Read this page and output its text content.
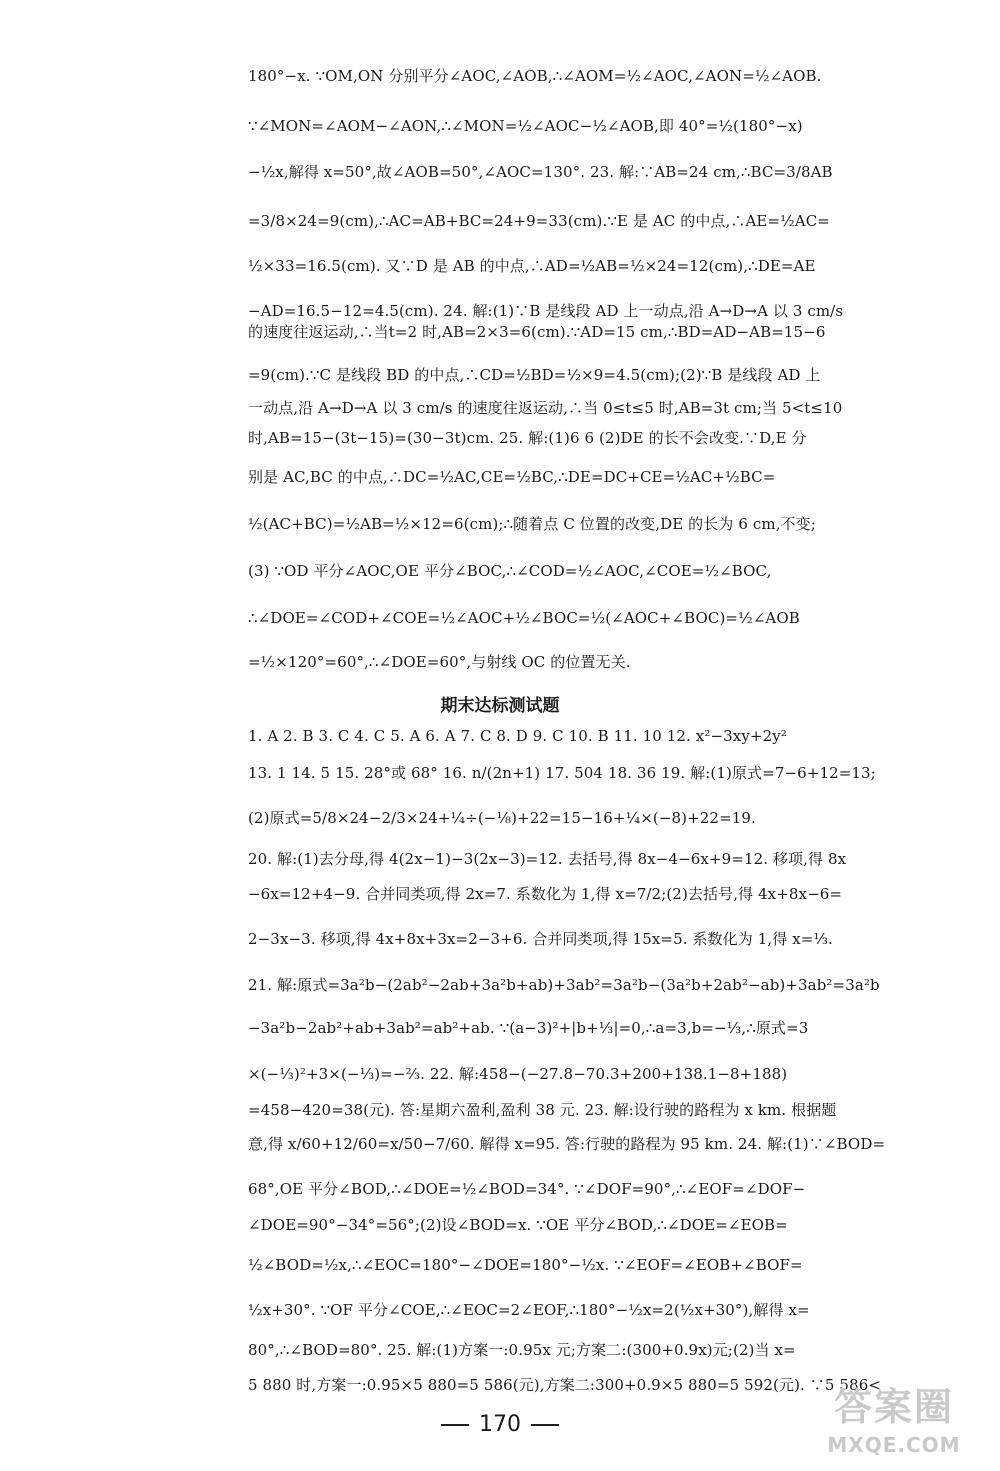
180°−x. ∵OM,ON 分别平分∠AOC,∠AOB,∴∠AOM=½∠AOC,∠AON=½∠AOB.
∵∠MON=∠AOM−∠AON,∴∠MON=½∠AOC−½∠AOB,即 40°=½(180°−x)
−½x,解得 x=50°,故∠AOB=50°,∠AOC=130°. 23. 解:∵AB=24 cm,∴BC=3/8AB
=3/8×24=9(cm),∴AC=AB+BC=24+9=33(cm).∵E 是 AC 的中点,∴AE=½AC=
½×33=16.5(cm). 又∵D 是 AB 的中点,∴AD=½AB=½×24=12(cm),∴DE=AE
−AD=16.5−12=4.5(cm). 24. 解:(1)∵B 是线段 AD 上一动点,沿 A→D→A 以 3 cm/s
的速度往返运动,∴当t=2 时,AB=2×3=6(cm).∵AD=15 cm,∴BD=AD−AB=15−6
=9(cm).∵C 是线段 BD 的中点,∴CD=½BD=½×9=4.5(cm);(2)∵B 是线段 AD 上
一动点,沿 A→D→A 以 3 cm/s 的速度往返运动,∴当 0≤t≤5 时,AB=3t cm;当 5<t≤10
时,AB=15−(3t−15)=(30−3t)cm. 25. 解:(1)6 6 (2)DE 的长不会改变.∵D,E 分
别是 AC,BC 的中点,∴DC=½AC,CE=½BC,∴DE=DC+CE=½AC+½BC=
½(AC+BC)=½AB=½×12=6(cm);∴随着点 C 位置的改变,DE 的长为 6 cm,不变;
(3) ∵OD 平分∠AOC,OE 平分∠BOC,∴∠COD=½∠AOC,∠COE=½∠BOC,
∴∠DOE=∠COD+∠COE=½∠AOC+½∠BOC=½(∠AOC+∠BOC)=½∠AOB
=½×120°=60°,∴∠DOE=60°,与射线 OC 的位置无关.
期末达标测试题
1. A 2. B 3. C 4. C 5. A 6. A 7. C 8. D 9. C 10. B 11. 10 12. x²−3xy+2y²
13. 1 14. 5 15. 28°或 68° 16. n/(2n+1) 17. 504 18. 36 19. 解:(1)原式=7−6+12=13;
(2)原式=5/8×24−2/3×24+¼÷(−⅛)+22=15−16+¼×(−8)+22=19.
20. 解:(1)去分母,得 4(2x−1)−3(2x−3)=12. 去括号,得 8x−4−6x+9=12. 移项,得 8x
−6x=12+4−9. 合并同类项,得 2x=7. 系数化为 1,得 x=7/2;(2)去括号,得 4x+8x−6=
2−3x−3. 移项,得 4x+8x+3x=2−3+6. 合并同类项,得 15x=5. 系数化为 1,得 x=⅓.
21. 解:原式=3a²b−(2ab²−2ab+3a²b+ab)+3ab²=3a²b−(3a²b+2ab²−ab)+3ab²=3a²b
−3a²b−2ab²+ab+3ab²=ab²+ab. ∵(a−3)²+|b+⅓|=0,∴a=3,b=−⅓,∴原式=3
×(−⅓)²+3×(−⅓)=−⅔. 22. 解:458−(−27.8−70.3+200+138.1−8+188)
=458−420=38(元). 答:星期六盈利,盈利 38 元. 23. 解:设行驶的路程为 x km. 根据题
意,得 x/60+12/60=x/50−7/60. 解得 x=95. 答:行驶的路程为 95 km. 24. 解:(1)∵∠BOD=
68°,OE 平分∠BOD,∴∠DOE=½∠BOD=34°. ∵∠DOF=90°,∴∠EOF=∠DOF−
∠DOE=90°−34°=56°;(2)设∠BOD=x. ∵OE 平分∠BOD,∴∠DOE=∠EOB=
½∠BOD=½x,∴∠EOC=180°−∠DOE=180°−½x. ∵∠EOF=∠EOB+∠BOF=
½x+30°. ∵OF 平分∠COE,∴∠EOC=2∠EOF,∴180°−½x=2(½x+30°),解得 x=
80°,∴∠BOD=80°. 25. 解:(1)方案一:0.95x 元;方案二:(300+0.9x)元;(2)当 x=
5 880 时,方案一:0.95×5 880=5 586(元),方案二:300+0.9×5 880=5 592(元). ∵5 586<
170	答案圈
MXQE.COM
